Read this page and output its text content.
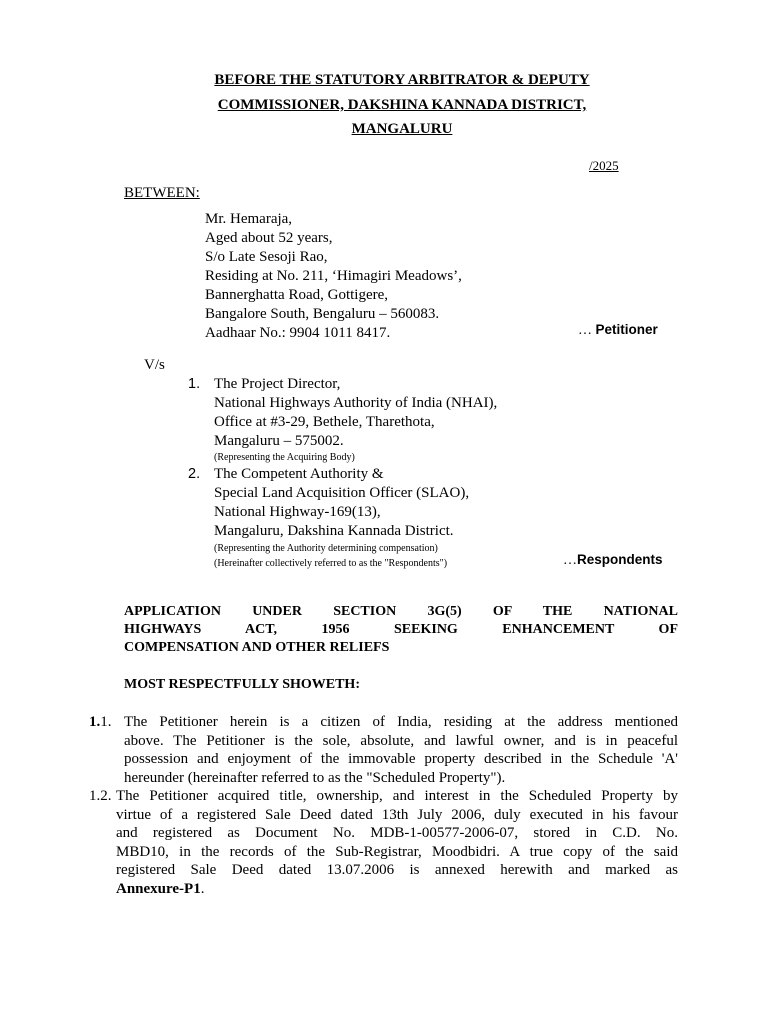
BEFORE THE STATUTORY ARBITRATOR & DEPUTY
COMMISSIONER, DAKSHINA KANNADA DISTRICT,
MANGALURU
/2025
BETWEEN:
Mr. Hemaraja,
Aged about 52 years,
S/o Late Sesoji Rao,
Residing at No. 211, ‘Himagiri Meadows’,
Bannerghatta Road, Gottigere,
Bangalore South, Bengaluru – 560083.
Aadhaar No.: 9904 1011 8417.	… Petitioner
V/s
1. The Project Director,
National Highways Authority of India (NHAI),
Office at #3-29, Bethele, Tharethota,
Mangaluru – 575002.
(Representing the Acquiring Body)
2. The Competent Authority &
Special Land Acquisition Officer (SLAO),
National Highway-169(13),
Mangaluru, Dakshina Kannada District.
(Representing the Authority determining compensation)
(Hereinafter collectively referred to as the "Respondents")	…Respondents
APPLICATION UNDER SECTION 3G(5) OF THE NATIONAL
HIGHWAYS ACT, 1956 SEEKING ENHANCEMENT OF
COMPENSATION AND OTHER RELIEFS
MOST RESPECTFULLY SHOWETH:
1.1. The Petitioner herein is a citizen of India, residing at the address mentioned
above. The Petitioner is the sole, absolute, and lawful owner, and is in peaceful
possession and enjoyment of the immovable property described in the Schedule 'A'
hereunder (hereinafter referred to as the "Scheduled Property").
1.2. The Petitioner acquired title, ownership, and interest in the Scheduled Property by
virtue of a registered Sale Deed dated 13th July 2006, duly executed in his favour
and registered as Document No. MDB-1-00577-2006-07, stored in C.D. No.
MBD10, in the records of the Sub-Registrar, Moodbidri. A true copy of the said
registered Sale Deed dated 13.07.2006 is annexed herewith and marked as
Annexure-P1.
